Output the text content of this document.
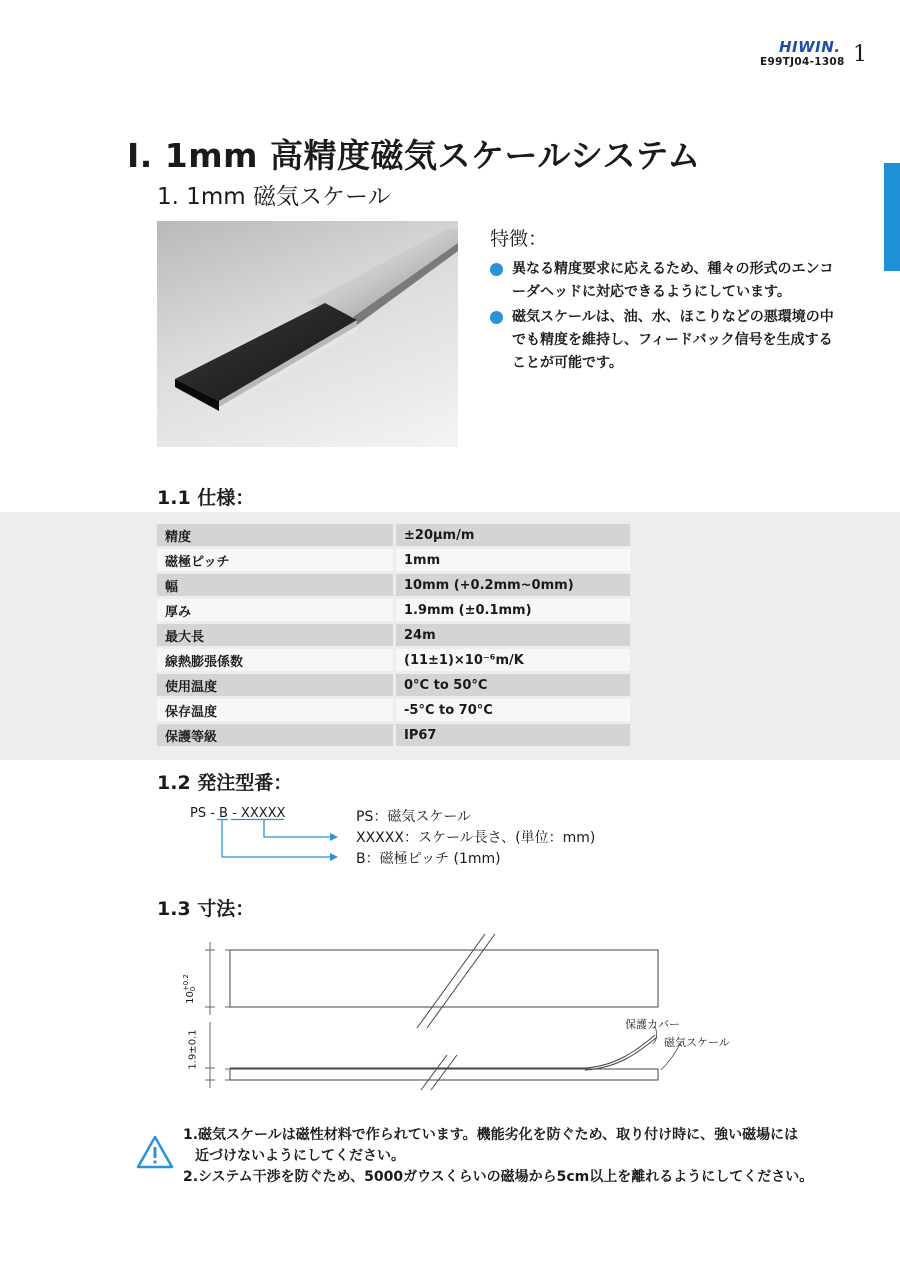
HIWIN.
E99TJ04-1308 1
I. 1mm 高精度磁気スケールシステム
1. 1mm 磁気スケール
特徴：
異なる精度要求に応えるため、種々の形式のエンコーダヘッドに対応できるようにしています。
磁気スケールは、油、水、ほこりなどの悪環境の中でも精度を維持し、フィードバック信号を生成することが可能です。
1.1 仕様：
精度	±20μm/m
磁極ピッチ	1mm
幅	10mm (+0.2mm~0mm)
厚み	1.9mm (±0.1mm)
最大長	24m
線熱膨張係数	(11±1)×10⁻⁶m/K
使用温度	0°C to 50°C
保存温度	-5°C to 70°C
保護等級	IP67
1.2 発注型番：
PS - B - XXXXX	PS：磁気スケール
XXXXX：スケール長さ、(単位：mm)
B：磁極ピッチ (1mm)
1.3 寸法：
10+0.2
0
1.9±0.1
保護カバー
磁気スケール
1.磁気スケールは磁性材料で作られています。機能劣化を防ぐため、取り付け時に、強い磁場には
近づけないようにしてください。
2.システム干渉を防ぐため、5000ガウスくらいの磁場から5cm以上を離れるようにしてください。
